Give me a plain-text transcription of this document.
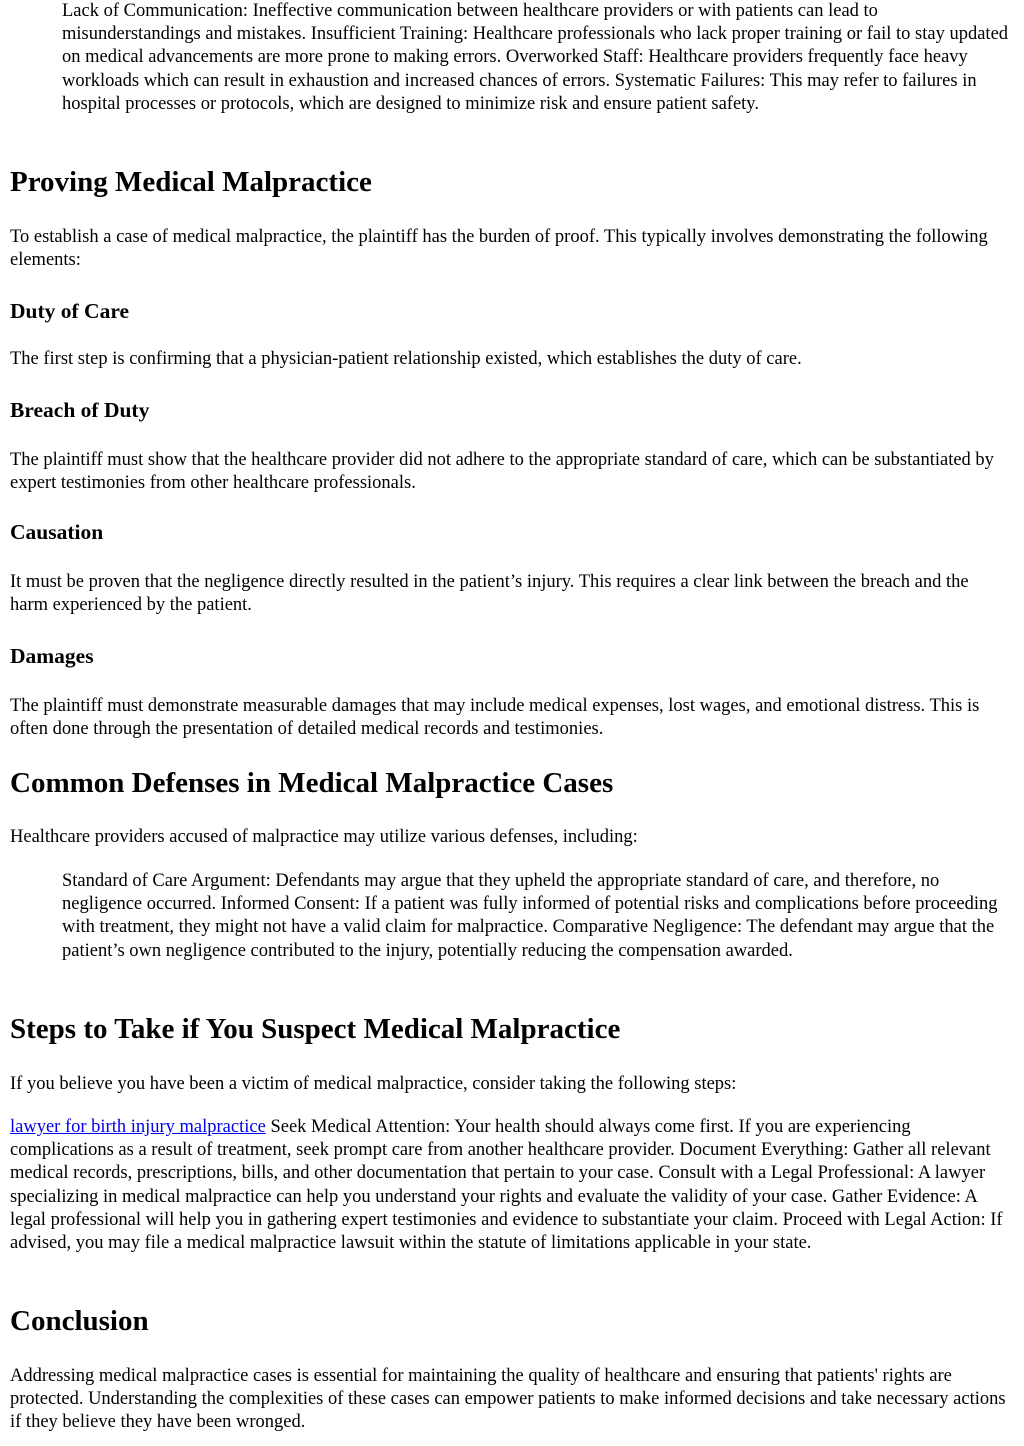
Lack of Communication: Ineffective communication between healthcare providers or with patients can lead to misunderstandings and mistakes. Insufficient Training: Healthcare professionals who lack proper training or fail to stay updated on medical advancements are more prone to making errors. Overworked Staff: Healthcare providers frequently face heavy workloads which can result in exhaustion and increased chances of errors. Systematic Failures: This may refer to failures in hospital processes or protocols, which are designed to minimize risk and ensure patient safety.
Proving Medical Malpractice

To establish a case of medical malpractice, the plaintiff has the burden of proof. This typically involves demonstrating the following elements:

Duty of Care

The first step is confirming that a physician-patient relationship existed, which establishes the duty of care.

Breach of Duty

The plaintiff must show that the healthcare provider did not adhere to the appropriate standard of care, which can be substantiated by expert testimonies from other healthcare professionals.

Causation

It must be proven that the negligence directly resulted in the patient’s injury. This requires a clear link between the breach and the harm experienced by the patient.

Damages

The plaintiff must demonstrate measurable damages that may include medical expenses, lost wages, and emotional distress. This is often done through the presentation of detailed medical records and testimonies.

Common Defenses in Medical Malpractice Cases

Healthcare providers accused of malpractice may utilize various defenses, including:

Standard of Care Argument: Defendants may argue that they upheld the appropriate standard of care, and therefore, no negligence occurred. Informed Consent: If a patient was fully informed of potential risks and complications before proceeding with treatment, they might not have a valid claim for malpractice. Comparative Negligence: The defendant may argue that the patient’s own negligence contributed to the injury, potentially reducing the compensation awarded.
Steps to Take if You Suspect Medical Malpractice

If you believe you have been a victim of medical malpractice, consider taking the following steps:

lawyer for birth injury malpractice Seek Medical Attention: Your health should always come first. If you are experiencing complications as a result of treatment, seek prompt care from another healthcare provider. Document Everything: Gather all relevant medical records, prescriptions, bills, and other documentation that pertain to your case. Consult with a Legal Professional: A lawyer specializing in medical malpractice can help you understand your rights and evaluate the validity of your case. Gather Evidence: A legal professional will help you in gathering expert testimonies and evidence to substantiate your claim. Proceed with Legal Action: If advised, you may file a medical malpractice lawsuit within the statute of limitations applicable in your state.

Conclusion

Addressing medical malpractice cases is essential for maintaining the quality of healthcare and ensuring that patients' rights are protected. Understanding the complexities of these cases can empower patients to make informed decisions and take necessary actions if they believe they have been wronged.
